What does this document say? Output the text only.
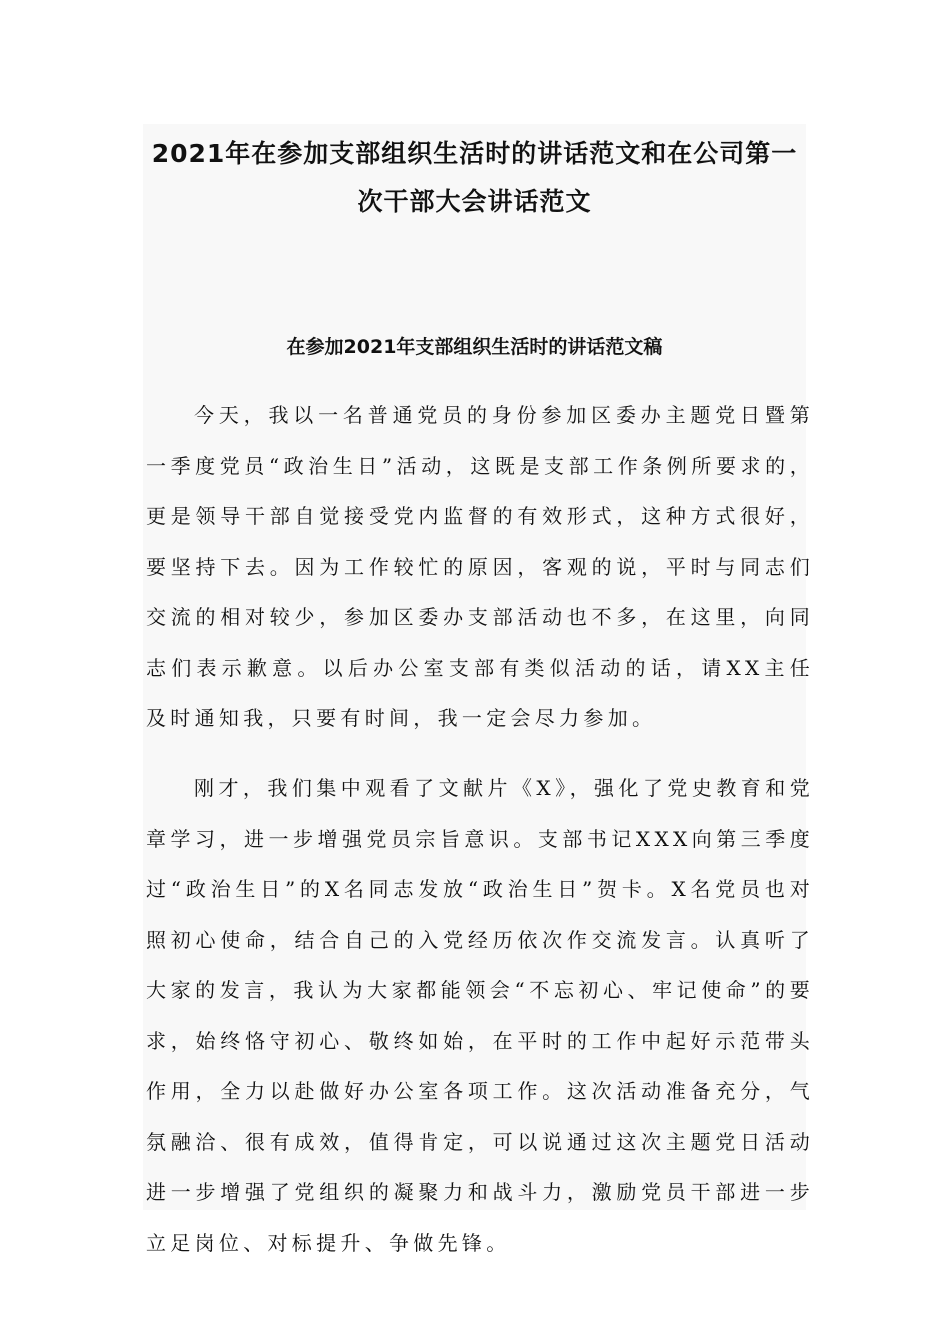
2021年在参加支部组织生活时的讲话范文和在公司第一次干部大会讲话范文
在参加2021年支部组织生活时的讲话范文稿

今天，我以一名普通党员的身份参加区委办主题党日暨第一季度党员“政治生日”活动，这既是支部工作条例所要求的，更是领导干部自觉接受党内监督的有效形式，这种方式很好，要坚持下去。因为工作较忙的原因，客观的说，平时与同志们交流的相对较少，参加区委办支部活动也不多，在这里，向同志们表示歉意。以后办公室支部有类似活动的话，请XX主任及时通知我，只要有时间，我一定会尽力参加。

刚才，我们集中观看了文献片《X》，强化了党史教育和党章学习，进一步增强党员宗旨意识。支部书记XXX向第三季度过“政治生日”的X名同志发放“政治生日”贺卡。X名党员也对照初心使命，结合自己的入党经历依次作交流发言。认真听了大家的发言，我认为大家都能领会“不忘初心、牢记使命”的要求，始终恪守初心、敬终如始，在平时的工作中起好示范带头作用，全力以赴做好办公室各项工作。这次活动准备充分，气氛融洽、很有成效，值得肯定，可以说通过这次主题党日活动进一步增强了党组织的凝聚力和战斗力，激励党员干部进一步立足岗位、对标提升、争做先锋。
